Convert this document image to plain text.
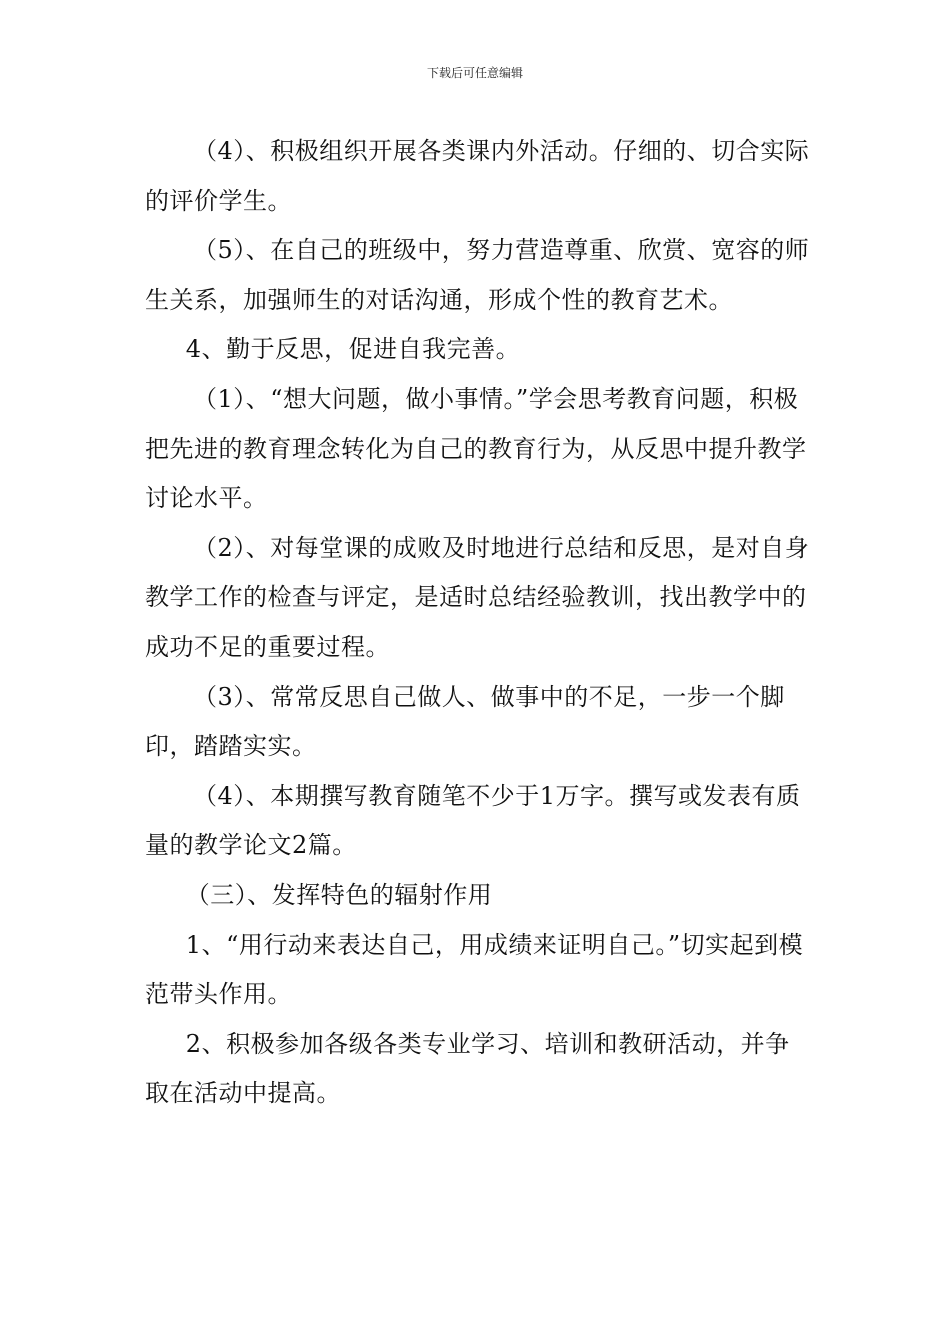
下载后可任意编辑

（4）、积极组织开展各类课内外活动。仔细的、切合实际的评价学生。

（5）、在自己的班级中，努力营造尊重、欣赏、宽容的师生关系，加强师生的对话沟通，形成个性的教育艺术。

4、勤于反思，促进自我完善。

（1）、“想大问题，做小事情。”学会思考教育问题，积极把先进的教育理念转化为自己的教育行为，从反思中提升教学讨论水平。

（2）、对每堂课的成败及时地进行总结和反思，是对自身教学工作的检查与评定，是适时总结经验教训，找出教学中的成功不足的重要过程。

（3）、常常反思自己做人、做事中的不足，一步一个脚印，踏踏实实。

（4）、本期撰写教育随笔不少于1万字。撰写或发表有质量的教学论文2篇。

（三）、发挥特色的辐射作用

1、“用行动来表达自己，用成绩来证明自己。”切实起到模范带头作用。

2、积极参加各级各类专业学习、培训和教研活动，并争取在活动中提高。
